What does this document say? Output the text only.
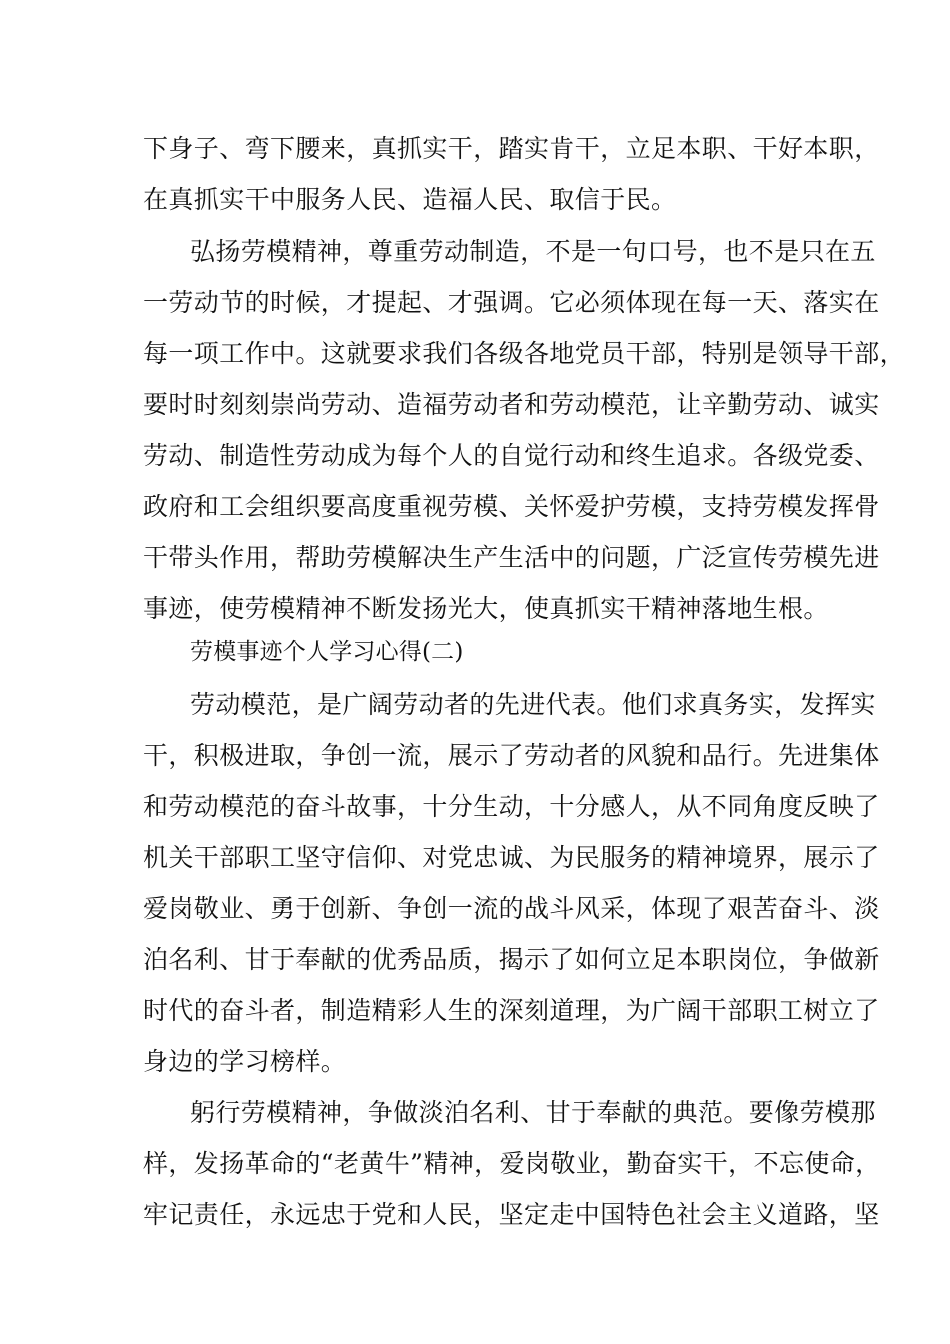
下身子、弯下腰来，真抓实干，踏实肯干，立足本职、干好本职，
在真抓实干中服务人民、造福人民、取信于民。
弘扬劳模精神，尊重劳动制造，不是一句口号，也不是只在五
一劳动节的时候，才提起、才强调。它必须体现在每一天、落实在
每一项工作中。这就要求我们各级各地党员干部，特别是领导干部，
要时时刻刻崇尚劳动、造福劳动者和劳动模范，让辛勤劳动、诚实
劳动、制造性劳动成为每个人的自觉行动和终生追求。各级党委、
政府和工会组织要高度重视劳模、关怀爱护劳模，支持劳模发挥骨
干带头作用，帮助劳模解决生产生活中的问题，广泛宣传劳模先进
事迹，使劳模精神不断发扬光大，使真抓实干精神落地生根。
劳模事迹个人学习心得(二)
劳动模范，是广阔劳动者的先进代表。他们求真务实，发挥实
干，积极进取，争创一流，展示了劳动者的风貌和品行。先进集体
和劳动模范的奋斗故事，十分生动，十分感人，从不同角度反映了
机关干部职工坚守信仰、对党忠诚、为民服务的精神境界，展示了
爱岗敬业、勇于创新、争创一流的战斗风采，体现了艰苦奋斗、淡
泊名利、甘于奉献的优秀品质，揭示了如何立足本职岗位，争做新
时代的奋斗者，制造精彩人生的深刻道理，为广阔干部职工树立了
身边的学习榜样。
躬行劳模精神，争做淡泊名利、甘于奉献的典范。要像劳模那
样，发扬革命的“老黄牛”精神，爱岗敬业，勤奋实干，不忘使命，
牢记责任，永远忠于党和人民，坚定走中国特色社会主义道路，坚
